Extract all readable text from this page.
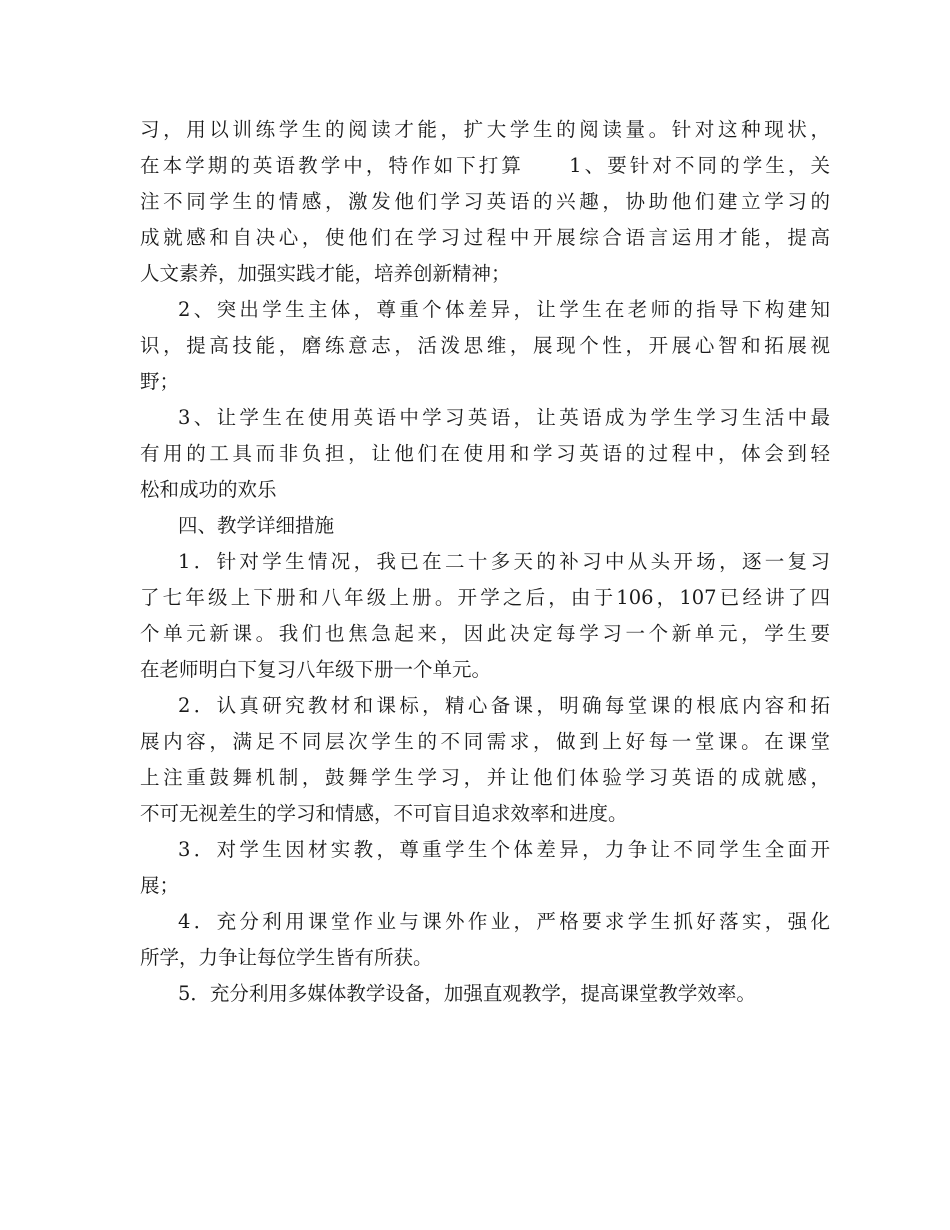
习，用以训练学生的阅读才能，扩大学生的阅读量。针对这种现状，
在本学期的英语教学中，特作如下打算　　1、要针对不同的学生，关
注不同学生的情感，激发他们学习英语的兴趣，协助他们建立学习的
成就感和自决心，使他们在学习过程中开展综合语言运用才能，提高
人文素养，加强实践才能，培养创新精神；
2、突出学生主体，尊重个体差异，让学生在老师的指导下构建知
识，提高技能，磨练意志，活泼思维，展现个性，开展心智和拓展视
野；
3、让学生在使用英语中学习英语，让英语成为学生学习生活中最
有用的工具而非负担，让他们在使用和学习英语的过程中，体会到轻
松和成功的欢乐
四、教学详细措施
1．针对学生情况，我已在二十多天的补习中从头开场，逐一复习
了七年级上下册和八年级上册。开学之后，由于106，107已经讲了四
个单元新课。我们也焦急起来，因此决定每学习一个新单元，学生要
在老师明白下复习八年级下册一个单元。
2．认真研究教材和课标，精心备课，明确每堂课的根底内容和拓
展内容，满足不同层次学生的不同需求，做到上好每一堂课。在课堂
上注重鼓舞机制，鼓舞学生学习，并让他们体验学习英语的成就感，
不可无视差生的学习和情感，不可盲目追求效率和进度。
3．对学生因材实教，尊重学生个体差异，力争让不同学生全面开
展；
4．充分利用课堂作业与课外作业，严格要求学生抓好落实，强化
所学，力争让每位学生皆有所获。
5．充分利用多媒体教学设备，加强直观教学，提高课堂教学效率。
